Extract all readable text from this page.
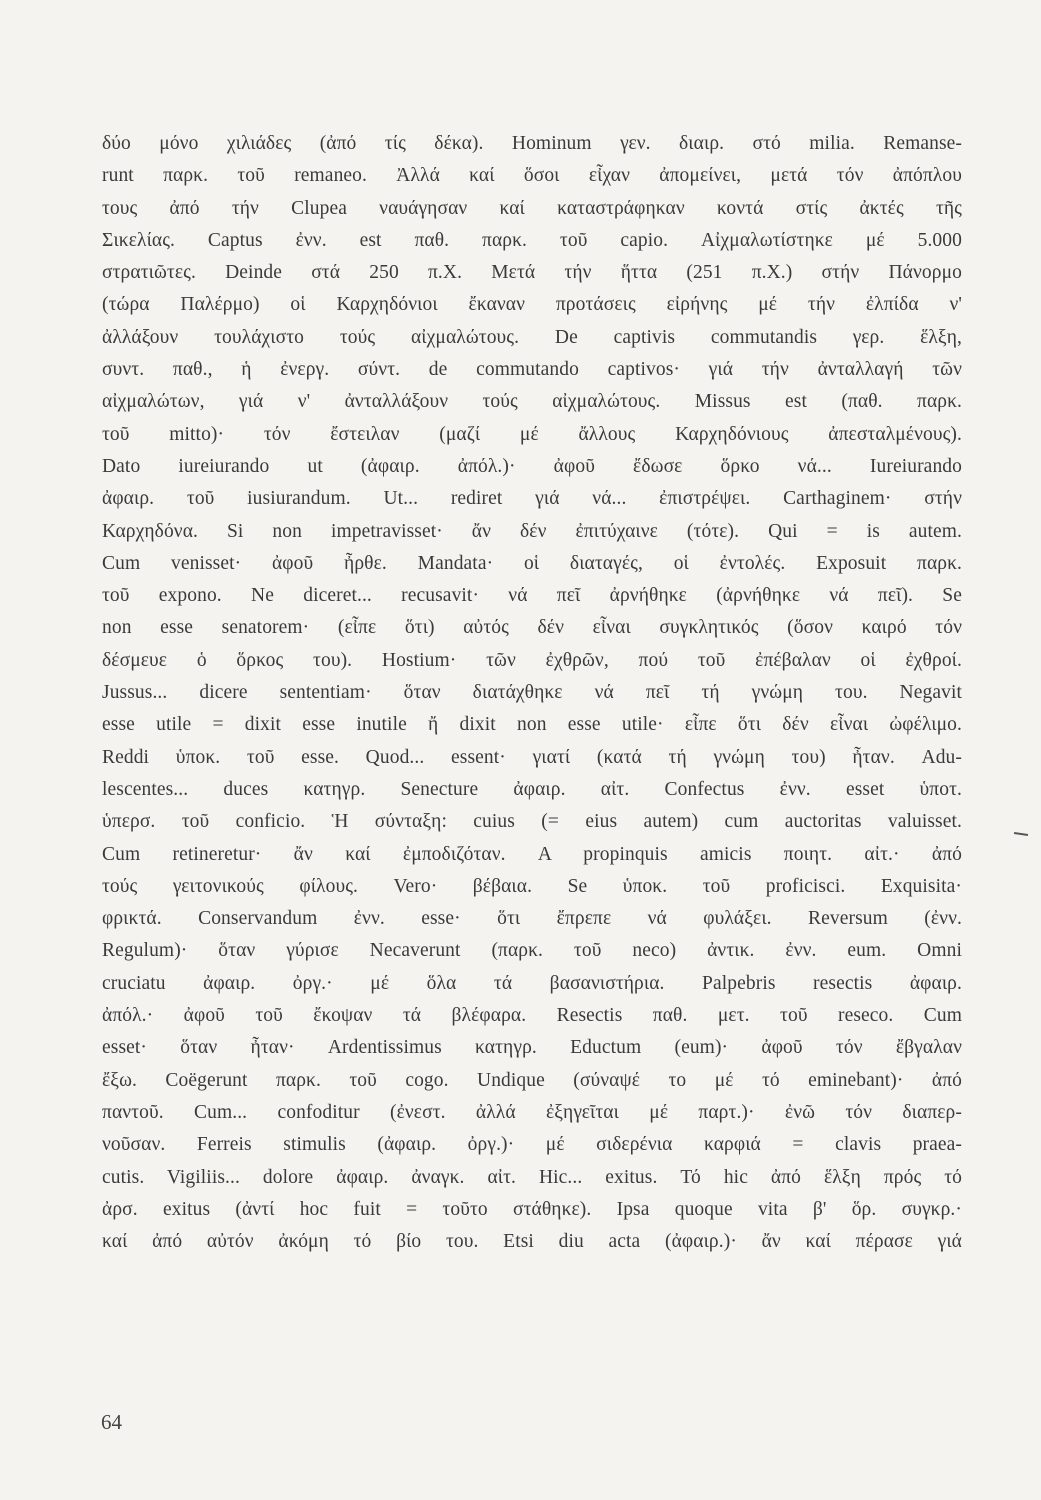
δύο μόνο χιλιάδες (ἀπό τίς δέκα). Hominum γεν. διαιρ. στό milia. Remanse-
runt παρκ. τοῦ remaneo. Ἀλλά καί ὅσοι εἶχαν ἀπομείνει, μετά τόν ἀπόπλου
τους ἀπό τήν Clupea ναυάγησαν καί καταστράφηκαν κοντά στίς ἀκτές τῆς
Σικελίας. Captus ἐνν. est παθ. παρκ. τοῦ capio. Αἰχμαλωτίστηκε μέ 5.000
στρατιῶτες. Deinde στά 250 π.Χ. Μετά τήν ἥττα (251 π.Χ.) στήν Πάνορμο
(τώρα Παλέρμο) οἱ Καρχηδόνιοι ἔκαναν προτάσεις εἰρήνης μέ τήν ἐλπίδα ν'
ἀλλάξουν τουλάχιστο τούς αἰχμαλώτους. De captivis commutandis γερ. ἕλξη,
συντ. παθ., ἡ ἐνεργ. σύντ. de commutando captivos· γιά τήν ἀνταλλαγή τῶν
αἰχμαλώτων, γιά ν' ἀνταλλάξουν τούς αἰχμαλώτους. Missus est (παθ. παρκ.
τοῦ mitto)· τόν ἔστειλαν (μαζί μέ ἄλλους Καρχηδόνιους ἀπεσταλμένους).
Dato iureiurando ut (ἀφαιρ. ἀπόλ.)· ἀφοῦ ἔδωσε ὅρκο νά... Iureiurando
ἀφαιρ. τοῦ iusiurandum. Ut... rediret γιά νά... ἐπιστρέψει. Carthaginem· στήν
Καρχηδόνα. Si non impetravisset· ἄν δέν ἐπιτύχαινε (τότε). Qui = is autem.
Cum venisset· ἀφοῦ ἦρθε. Mandata· οἱ διαταγές, οἱ ἐντολές. Exposuit παρκ.
τοῦ expono. Ne diceret... recusavit· νά πεῖ ἀρνήθηκε (ἀρνήθηκε νά πεῖ). Se
non esse senatorem· (εἶπε ὅτι) αὐτός δέν εἶναι συγκλητικός (ὅσον καιρό τόν
δέσμευε ὁ ὅρκος του). Hostium· τῶν ἐχθρῶν, πού τοῦ ἐπέβαλαν οἱ ἐχθροί.
Jussus... dicere sententiam· ὅταν διατάχθηκε νά πεῖ τή γνώμη του. Negavit
esse utile = dixit esse inutile ἤ dixit non esse utile· εἶπε ὅτι δέν εἶναι ὠφέλιμο.
Reddi ὑποκ. τοῦ esse. Quod... essent· γιατί (κατά τή γνώμη του) ἦταν. Adu-
lescentes... duces κατηγρ. Senecture ἀφαιρ. αἰτ. Confectus ἐνν. esset ὑποτ.
ὑπερσ. τοῦ conficio. Ἡ σύνταξη: cuius (= eius autem) cum auctoritas valuisset.
Cum retineretur· ἄν καί ἐμποδιζόταν. A propinquis amicis ποιητ. αἰτ.· ἀπό
τούς γειτονικούς φίλους. Vero· βέβαια. Se ὑποκ. τοῦ proficisci. Exquisita·
φρικτά. Conservandum ἐνν. esse· ὅτι ἔπρεπε νά φυλάξει. Reversum (ἐνν.
Regulum)· ὅταν γύρισε Necaverunt (παρκ. τοῦ neco) ἀντικ. ἐνν. eum. Omni
cruciatu ἀφαιρ. ὀργ.· μέ ὅλα τά βασανιστήρια. Palpebris resectis ἀφαιρ.
ἀπόλ.· ἀφοῦ τοῦ ἔκοψαν τά βλέφαρα. Resectis παθ. μετ. τοῦ reseco. Cum
esset· ὅταν ἦταν· Ardentissimus κατηγρ. Eductum (eum)· ἀφοῦ τόν ἔβγαλαν
ἔξω. Coëgerunt παρκ. τοῦ cogo. Undique (σύναψέ το μέ τό eminebant)· ἀπό
παντοῦ. Cum... confoditur (ἐνεστ. ἀλλά ἐξηγεῖται μέ παρτ.)· ἐνῶ τόν διαπερ-
νοῦσαν. Ferreis stimulis (ἀφαιρ. ὀργ.)· μέ σιδερένια καρφιά = clavis praea-
cutis. Vigiliis... dolore ἀφαιρ. ἀναγκ. αἰτ. Hic... exitus. Τό hic ἀπό ἕλξη πρός τό
ἀρσ. exitus (ἀντί hoc fuit = τοῦτο στάθηκε). Ipsa quoque vita β' ὅρ. συγκρ.·
καί ἀπό αὐτόν ἀκόμη τό βίο του. Etsi diu acta (ἀφαιρ.)· ἄν καί πέρασε γιά
64
